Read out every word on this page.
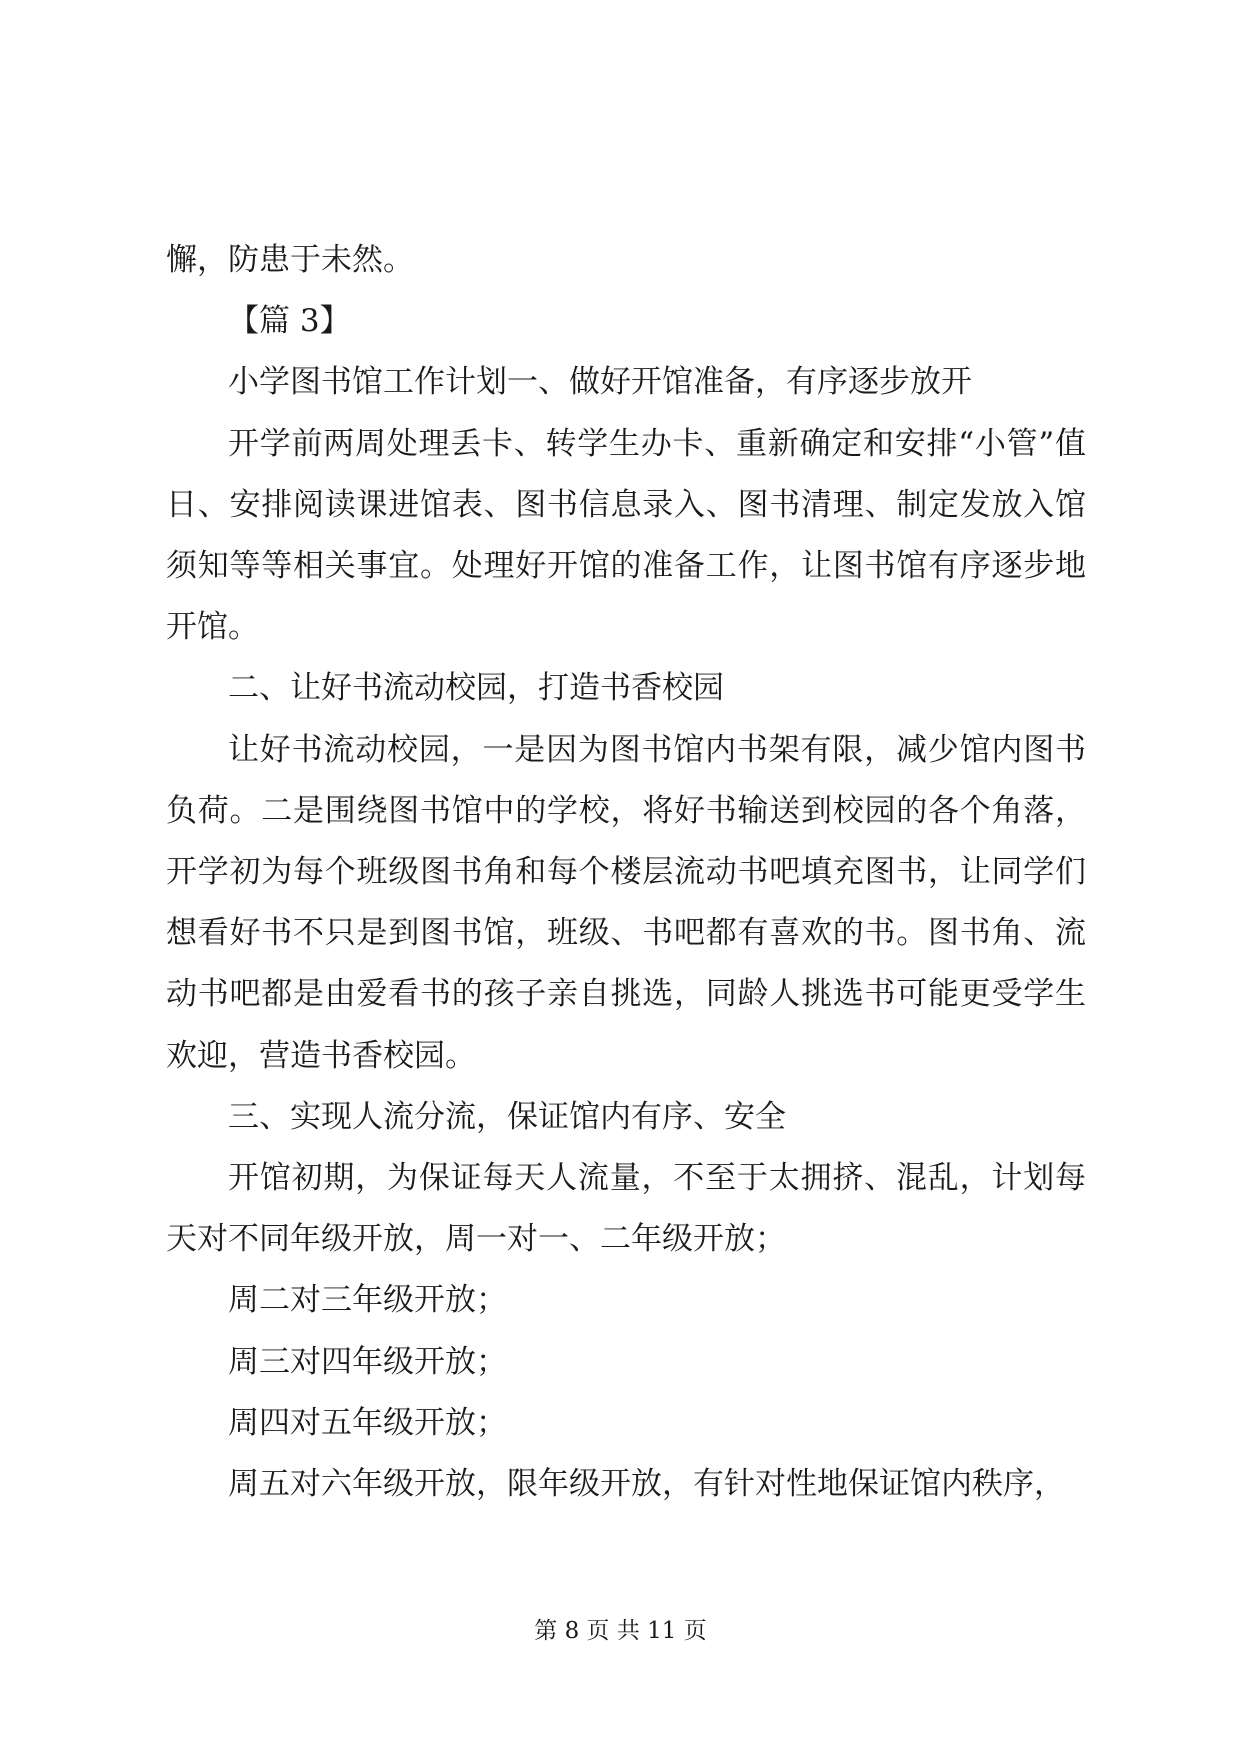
懈，防患于未然。

【篇 3】

小学图书馆工作计划一、做好开馆准备，有序逐步放开

开学前两周处理丢卡、转学生办卡、重新确定和安排“小管”值日、安排阅读课进馆表、图书信息录入、图书清理、制定发放入馆须知等等相关事宜。处理好开馆的准备工作，让图书馆有序逐步地开馆。

二、让好书流动校园，打造书香校园

让好书流动校园，一是因为图书馆内书架有限，减少馆内图书负荷。二是围绕图书馆中的学校，将好书输送到校园的各个角落，开学初为每个班级图书角和每个楼层流动书吧填充图书，让同学们想看好书不只是到图书馆，班级、书吧都有喜欢的书。图书角、流动书吧都是由爱看书的孩子亲自挑选，同龄人挑选书可能更受学生欢迎，营造书香校园。

三、实现人流分流，保证馆内有序、安全

开馆初期，为保证每天人流量，不至于太拥挤、混乱，计划每天对不同年级开放，周一对一、二年级开放；

周二对三年级开放；

周三对四年级开放；

周四对五年级开放；

周五对六年级开放，限年级开放，有针对性地保证馆内秩序，

第 8 页 共 11 页
